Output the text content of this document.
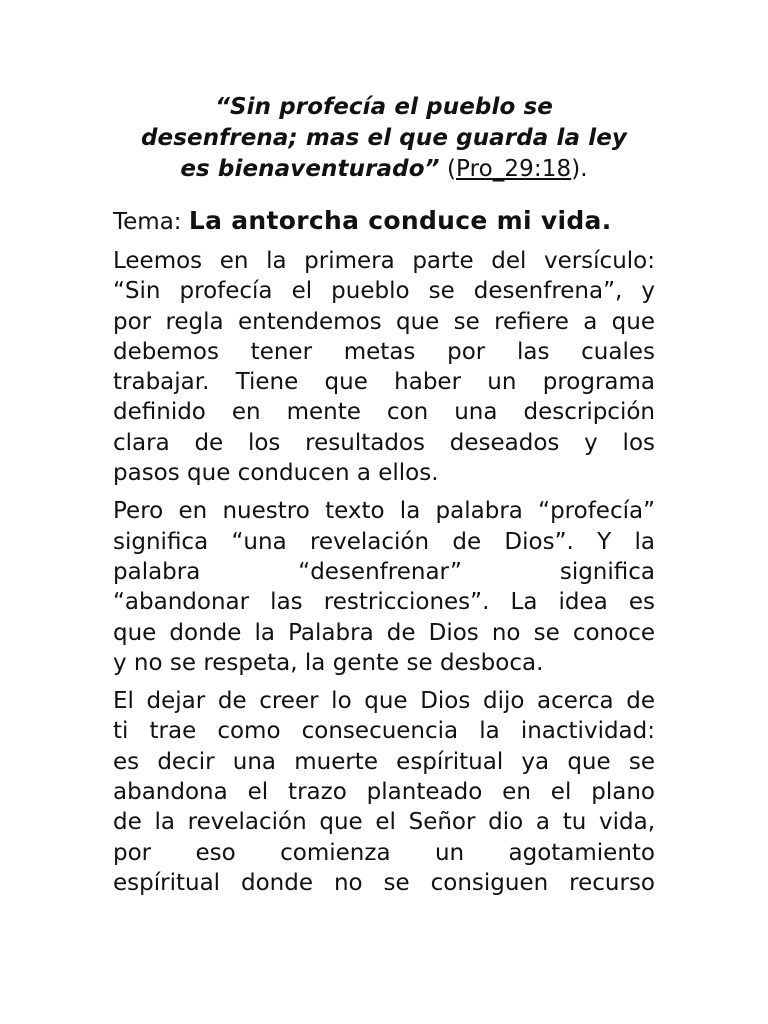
“Sin profecía el pueblo se
desenfrena; mas el que guarda la ley
es bienaventurado” (Pro_29:18).
Tema: La antorcha conduce mi vida.
Leemos en la primera parte del versículo:
“Sin profecía el pueblo se desenfrena”, y
por regla entendemos que se refiere a que
debemos tener metas por las cuales
trabajar. Tiene que haber un programa
definido en mente con una descripción
clara de los resultados deseados y los
pasos que conducen a ellos.
Pero en nuestro texto la palabra “profecía”
significa “una revelación de Dios”. Y la
palabra “desenfrenar” significa
“abandonar las restricciones”. La idea es
que donde la Palabra de Dios no se conoce
y no se respeta, la gente se desboca.
El dejar de creer lo que Dios dijo acerca de
ti trae como consecuencia la inactividad:
es decir una muerte espíritual ya que se
abandona el trazo planteado en el plano
de la revelación que el Señor dio a tu vida,
por eso comienza un agotamiento
espíritual donde no se consiguen recurso
